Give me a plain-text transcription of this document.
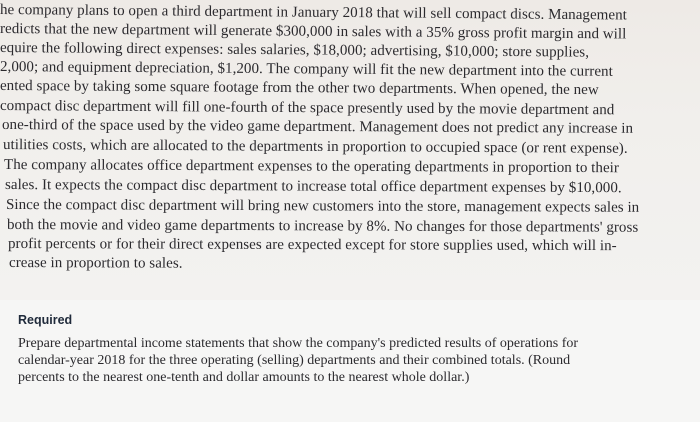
he company plans to open a third department in January 2018 that will sell compact discs. Management
redicts that the new department will generate $300,000 in sales with a 35% gross profit margin and will
equire the following direct expenses: sales salaries, $18,000; advertising, $10,000; store supplies,
2,000; and equipment depreciation, $1,200. The company will fit the new department into the current
ented space by taking some square footage from the other two departments. When opened, the new
compact disc department will fill one-fourth of the space presently used by the movie department and
one-third of the space used by the video game department. Management does not predict any increase in
utilities costs, which are allocated to the departments in proportion to occupied space (or rent expense).
The company allocates office department expenses to the operating departments in proportion to their
sales. It expects the compact disc department to increase total office department expenses by $10,000.
Since the compact disc department will bring new customers into the store, management expects sales in
both the movie and video game departments to increase by 8%. No changes for those departments' gross
profit percents or for their direct expenses are expected except for store supplies used, which will in-
crease in proportion to sales.
Required
Prepare departmental income statements that show the company's predicted results of operations for
calendar-year 2018 for the three operating (selling) departments and their combined totals. (Round
percents to the nearest one-tenth and dollar amounts to the nearest whole dollar.)
